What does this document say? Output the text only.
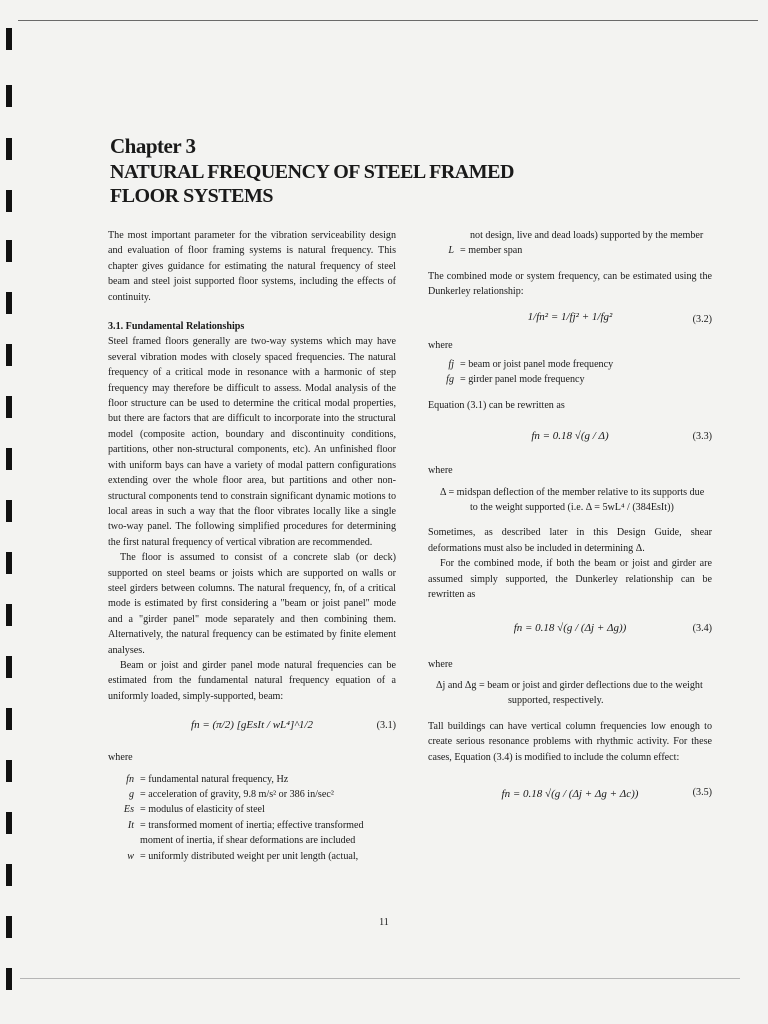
Chapter 3
NATURAL FREQUENCY OF STEEL FRAMED
FLOOR SYSTEMS

The most important parameter for the vibration serviceability design and evaluation of floor framing systems is natural frequency. This chapter gives guidance for estimating the natural frequency of steel beam and steel joist supported floor systems, including the effects of continuity.

3.1. Fundamental Relationships

Steel framed floors generally are two-way systems which may have several vibration modes with closely spaced frequencies. The natural frequency of a critical mode in resonance with a harmonic of step frequency may therefore be difficult to assess. Modal analysis of the floor structure can be used to determine the critical modal properties, but there are factors that are difficult to incorporate into the structural model (composite action, boundary and discontinuity conditions, partitions, other non-structural components, etc). An unfinished floor with uniform bays can have a variety of modal pattern configurations extending over the whole floor area, but partitions and other non-structural components tend to constrain significant dynamic motions to local areas in such a way that the floor vibrates locally like a single two-way panel. The following simplified procedures for determining the first natural frequency of vertical vibration are recommended.

The floor is assumed to consist of a concrete slab (or deck) supported on steel beams or joists which are supported on walls or steel girders between columns. The natural frequency, fn, of a critical mode is estimated by first considering a "beam or joist panel" mode and a "girder panel" mode separately and then combining them. Alternatively, the natural frequency can be estimated by finite element analyses.

Beam or joist and girder panel mode natural frequencies can be estimated from the fundamental natural frequency equation of a uniformly loaded, simply-supported, beam:

fn = (π/2) [gEsIt / wL⁴]^1/2	(3.1)

where

fn = fundamental natural frequency, Hz
g = acceleration of gravity, 9.8 m/s² or 386 in/sec²
Es = modulus of elasticity of steel
It = transformed moment of inertia; effective transformed moment of inertia, if shear deformations are included
w = uniformly distributed weight per unit length (actual,

not design, live and dead loads) supported by the member

L = member span

The combined mode or system frequency, can be estimated using the Dunkerley relationship:

1/fn² = 1/fj² + 1/fg²	(3.2)

where

fj = beam or joist panel mode frequency
fg = girder panel mode frequency

Equation (3.1) can be rewritten as

fn = 0.18 √(g / Δ)	(3.3)

where

Δ = midspan deflection of the member relative to its supports due to the weight supported (i.e. Δ = 5wL⁴ / (384EsIt))

Sometimes, as described later in this Design Guide, shear deformations must also be included in determining Δ.

For the combined mode, if both the beam or joist and girder are assumed simply supported, the Dunkerley relationship can be rewritten as

fn = 0.18 √(g / (Δj + Δg))	(3.4)

where

Δj and Δg = beam or joist and girder deflections due to the weight supported, respectively.

Tall buildings can have vertical column frequencies low enough to create serious resonance problems with rhythmic activity. For these cases, Equation (3.4) is modified to include the column effect:

fn = 0.18 √(g / (Δj + Δg + Δc))	(3.5)
11
